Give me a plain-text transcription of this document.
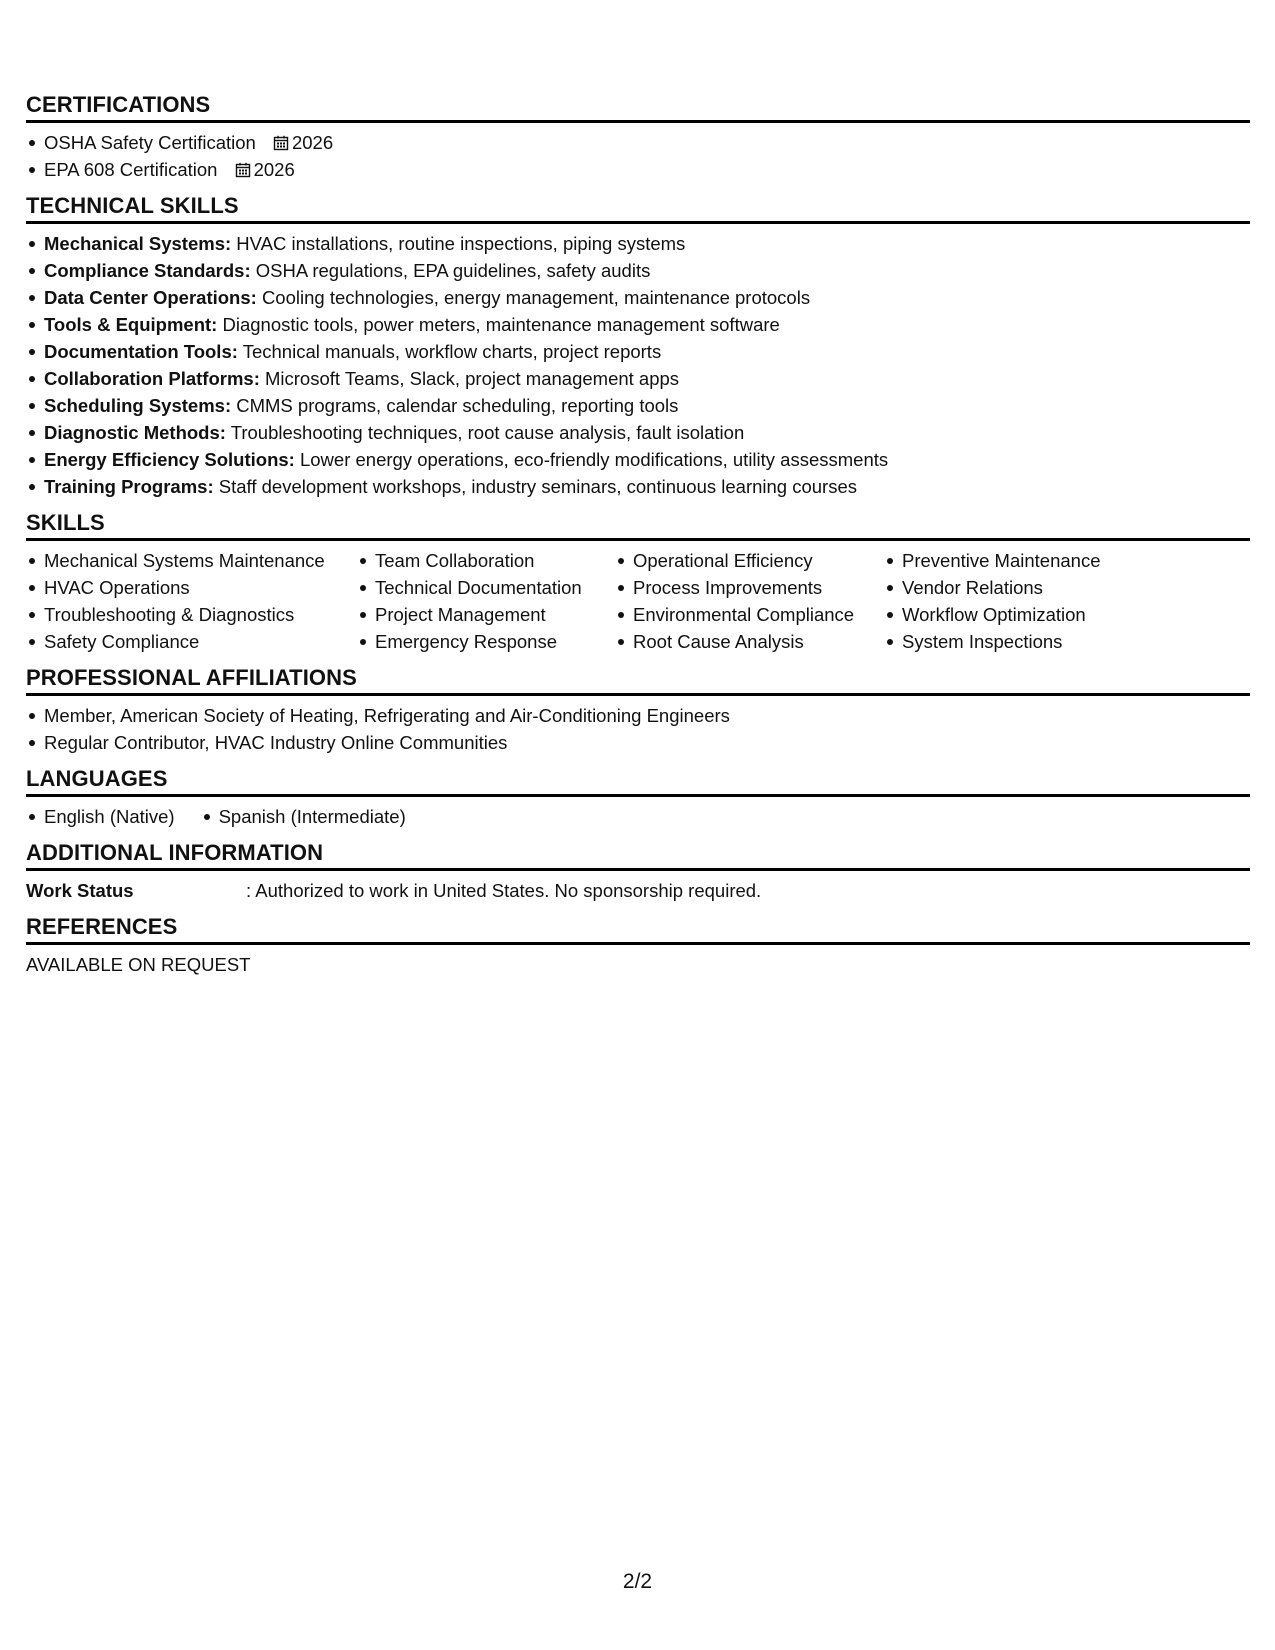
CERTIFICATIONS
OSHA Safety Certification 2026
EPA 608 Certification 2026
TECHNICAL SKILLS
Mechanical Systems: HVAC installations, routine inspections, piping systems
Compliance Standards: OSHA regulations, EPA guidelines, safety audits
Data Center Operations: Cooling technologies, energy management, maintenance protocols
Tools & Equipment: Diagnostic tools, power meters, maintenance management software
Documentation Tools: Technical manuals, workflow charts, project reports
Collaboration Platforms: Microsoft Teams, Slack, project management apps
Scheduling Systems: CMMS programs, calendar scheduling, reporting tools
Diagnostic Methods: Troubleshooting techniques, root cause analysis, fault isolation
Energy Efficiency Solutions: Lower energy operations, eco-friendly modifications, utility assessments
Training Programs: Staff development workshops, industry seminars, continuous learning courses
SKILLS
Mechanical Systems Maintenance
HVAC Operations
Troubleshooting & Diagnostics
Safety Compliance
Team Collaboration
Technical Documentation
Project Management
Emergency Response
Operational Efficiency
Process Improvements
Environmental Compliance
Root Cause Analysis
Preventive Maintenance
Vendor Relations
Workflow Optimization
System Inspections
PROFESSIONAL AFFILIATIONS
Member, American Society of Heating, Refrigerating and Air-Conditioning Engineers
Regular Contributor, HVAC Industry Online Communities
LANGUAGES
English (Native)	Spanish (Intermediate)
ADDITIONAL INFORMATION
Work Status	: Authorized to work in United States. No sponsorship required.
REFERENCES
AVAILABLE ON REQUEST
2/2
